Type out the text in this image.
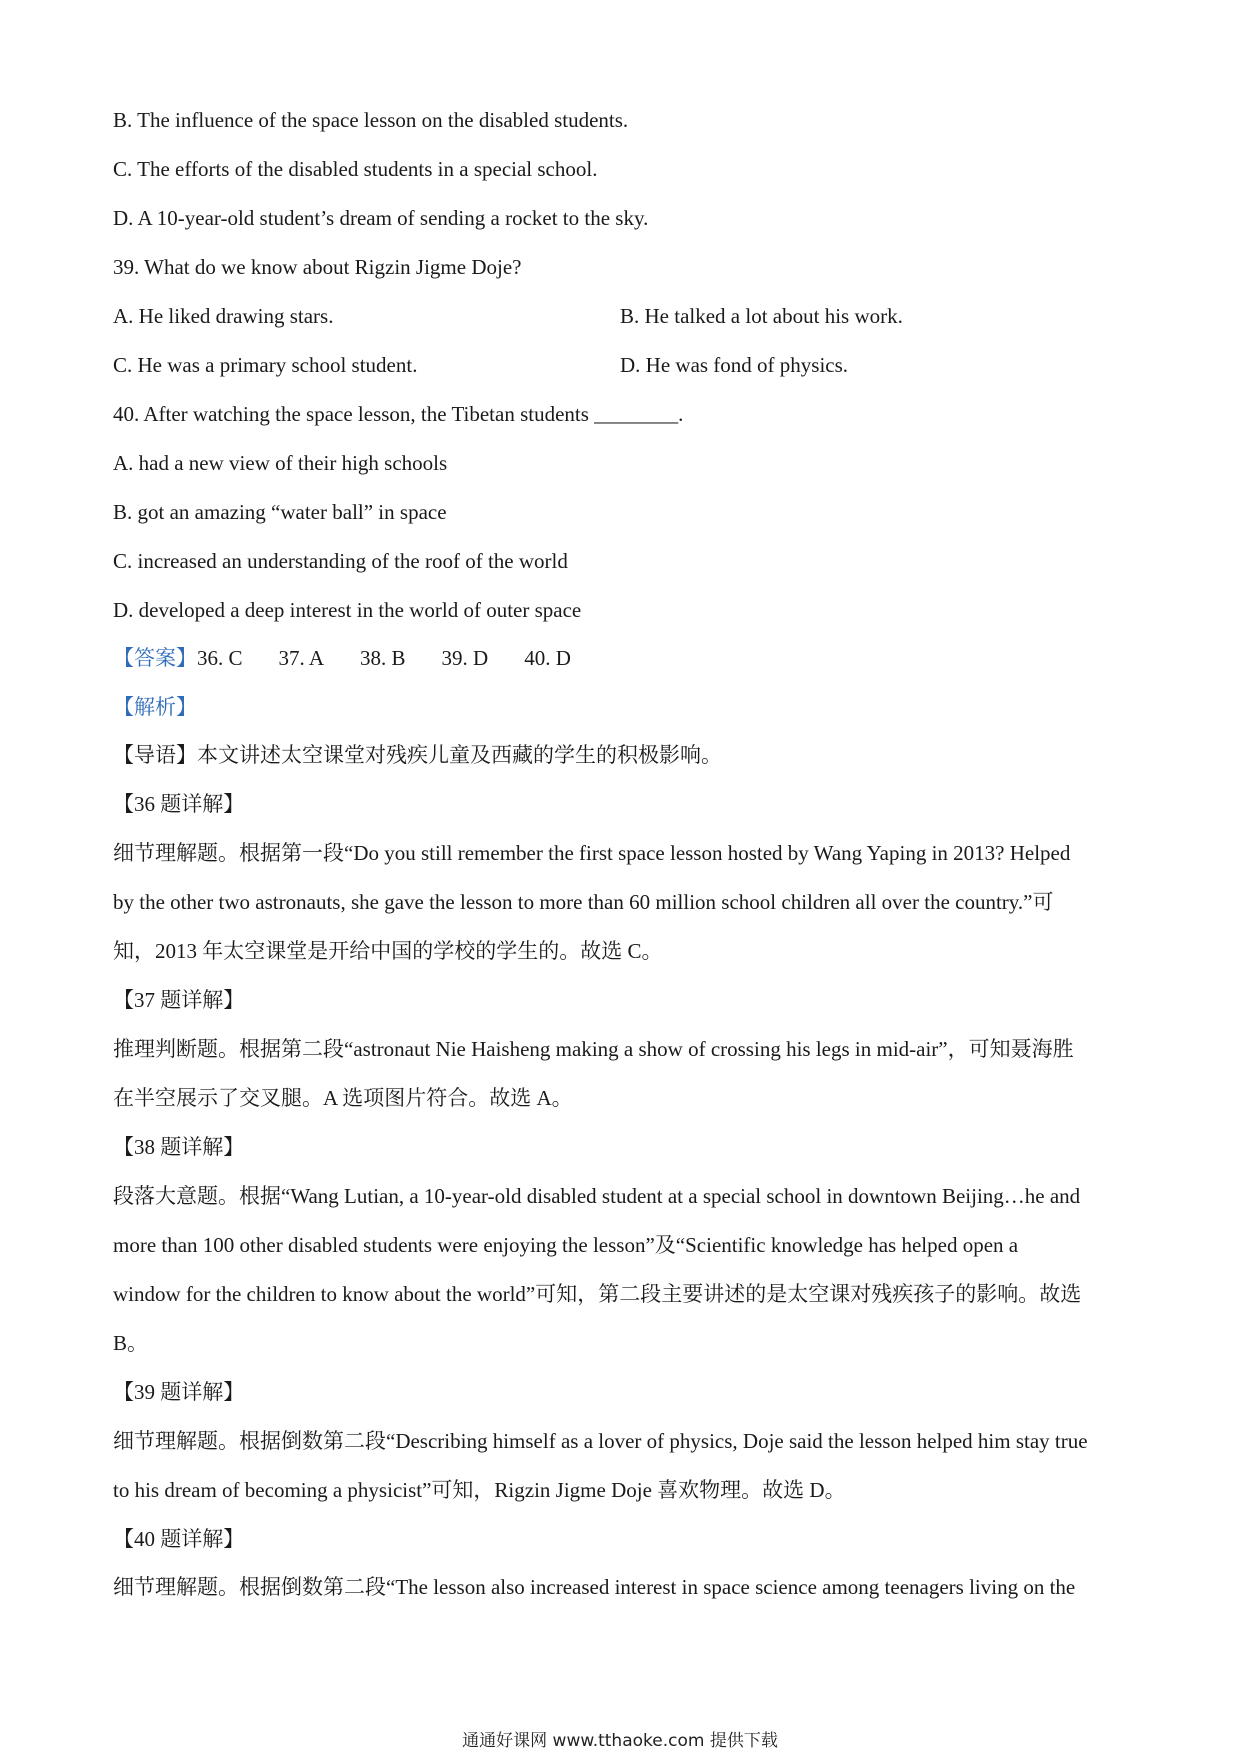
B. The influence of the space lesson on the disabled students.
C. The efforts of the disabled students in a special school.
D. A 10-year-old student’s dream of sending a rocket to the sky.
39. What do we know about Rigzin Jigme Doje?
A. He liked drawing stars.	B. He talked a lot about his work.
C. He was a primary school student.	D. He was fond of physics.
40. After watching the space lesson, the Tibetan students ________.
A. had a new view of their high schools
B. got an amazing “water ball” in space
C. increased an understanding of the roof of the world
D. developed a deep interest in the world of outer space
【答案】36. C 37. A 38. B 39. D 40. D
【解析】
【导语】本文讲述太空课堂对残疾儿童及西藏的学生的积极影响。
【36 题详解】
细节理解题。根据第一段“Do you still remember the first space lesson hosted by Wang Yaping in 2013? Helped
by the other two astronauts, she gave the lesson to more than 60 million school children all over the country.”可
知，2013 年太空课堂是开给中国的学校的学生的。故选 C。
【37 题详解】
推理判断题。根据第二段“astronaut Nie Haisheng making a show of crossing his legs in mid-air”，可知聂海胜
在半空展示了交叉腿。A 选项图片符合。故选 A。
【38 题详解】
段落大意题。根据“Wang Lutian, a 10-year-old disabled student at a special school in downtown Beijing…he and
more than 100 other disabled students were enjoying the lesson”及“Scientific knowledge has helped open a
window for the children to know about the world”可知，第二段主要讲述的是太空课对残疾孩子的影响。故选
B。
【39 题详解】
细节理解题。根据倒数第二段“Describing himself as a lover of physics, Doje said the lesson helped him stay true
to his dream of becoming a physicist”可知，Rigzin Jigme Doje 喜欢物理。故选 D。
【40 题详解】
细节理解题。根据倒数第二段“The lesson also increased interest in space science among teenagers living on the
通通好课网 www.tthaoke.com 提供下载
